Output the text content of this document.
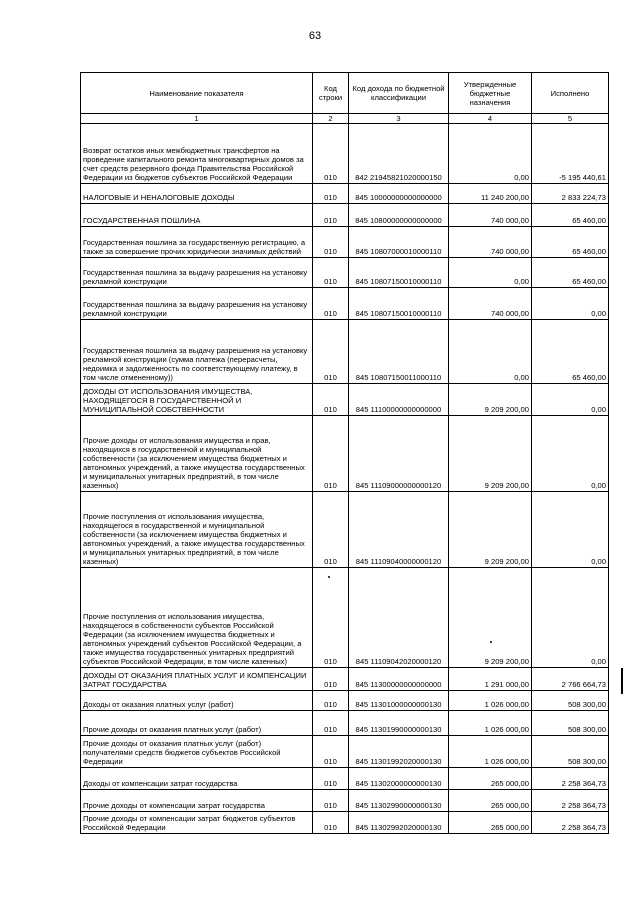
63
Наименование показателя	Код строки	Код дохода по бюджетной классификации	Утвержденные бюджетные назначения	Исполнено
1	2	3	4	5
Возврат остатков иных межбюджетных трансфертов на проведение капитального ремонта многоквартирных домов за счет средств резервного фонда Правительства Российской Федерации из бюджетов субъектов Российской Федерации	010	842 21945821020000150	0,00	-5 195 440,61
НАЛОГОВЫЕ И НЕНАЛОГОВЫЕ ДОХОДЫ	010	845 10000000000000000	11 240 200,00	2 833 224,73
ГОСУДАРСТВЕННАЯ ПОШЛИНА	010	845 10800000000000000	740 000,00	65 460,00
Государственная пошлина за государственную регистрацию, а также за совершение прочих юридически значимых действий	010	845 10807000010000110	740 000,00	65 460,00
Государственная пошлина за выдачу разрешения на установку рекламной конструкции	010	845 10807150010000110	0,00	65 460,00
Государственная пошлина за выдачу разрешения на установку рекламной конструкции	010	845 10807150010000110	740 000,00	0,00
Государственная пошлина за выдачу разрешения на установку рекламной конструкции (сумма платежа (перерасчеты, недоимка и задолженность по соответствующему платежу, в том числе отмененному))	010	845 10807150011000110	0,00	65 460,00
ДОХОДЫ ОТ ИСПОЛЬЗОВАНИЯ ИМУЩЕСТВА, НАХОДЯЩЕГОСЯ В ГОСУДАРСТВЕННОЙ И МУНИЦИПАЛЬНОЙ СОБСТВЕННОСТИ	010	845 11100000000000000	9 209 200,00	0,00
Прочие доходы от использования имущества и прав, находящихся в государственной и муниципальной собственности (за исключением имущества бюджетных и автономных учреждений, а также имущества государственных и муниципальных унитарных предприятий, в том числе казенных)	010	845 11109000000000120	9 209 200,00	0,00
Прочие поступления от использования имущества, находящегося в государственной и муниципальной собственности (за исключением имущества бюджетных и автономных учреждений, а также имущества государственных и муниципальных унитарных предприятий, в том числе казенных)	010	845 11109040000000120	9 209 200,00	0,00
Прочие поступления от использования имущества, находящегося в собственности субъектов Российской Федерации (за исключением имущества бюджетных и автономных учреждений субъектов Российской Федерации, а также имущества государственных унитарных предприятий субъектов Российской Федерации, в том числе казенных)	010	845 11109042020000120	9 209 200,00	0,00
ДОХОДЫ ОТ ОКАЗАНИЯ ПЛАТНЫХ УСЛУГ И КОМПЕНСАЦИИ ЗАТРАТ ГОСУДАРСТВА	010	845 11300000000000000	1 291 000,00	2 766 664,73
Доходы от оказания платных услуг (работ)	010	845 11301000000000130	1 026 000,00	508 300,00
Прочие доходы от оказания платных услуг (работ)	010	845 11301990000000130	1 026 000,00	508 300,00
Прочие доходы от оказания платных услуг (работ) получателями средств бюджетов субъектов Российской Федерации	010	845 11301992020000130	1 026 000,00	508 300,00
Доходы от компенсации затрат государства	010	845 11302000000000130	265 000,00	2 258 364,73
Прочие доходы от компенсации затрат государства	010	845 11302990000000130	265 000,00	2 258 364,73
Прочие доходы от компенсации затрат бюджетов субъектов Российской Федерации	010	845 11302992020000130	265 000,00	2 258 364,73
